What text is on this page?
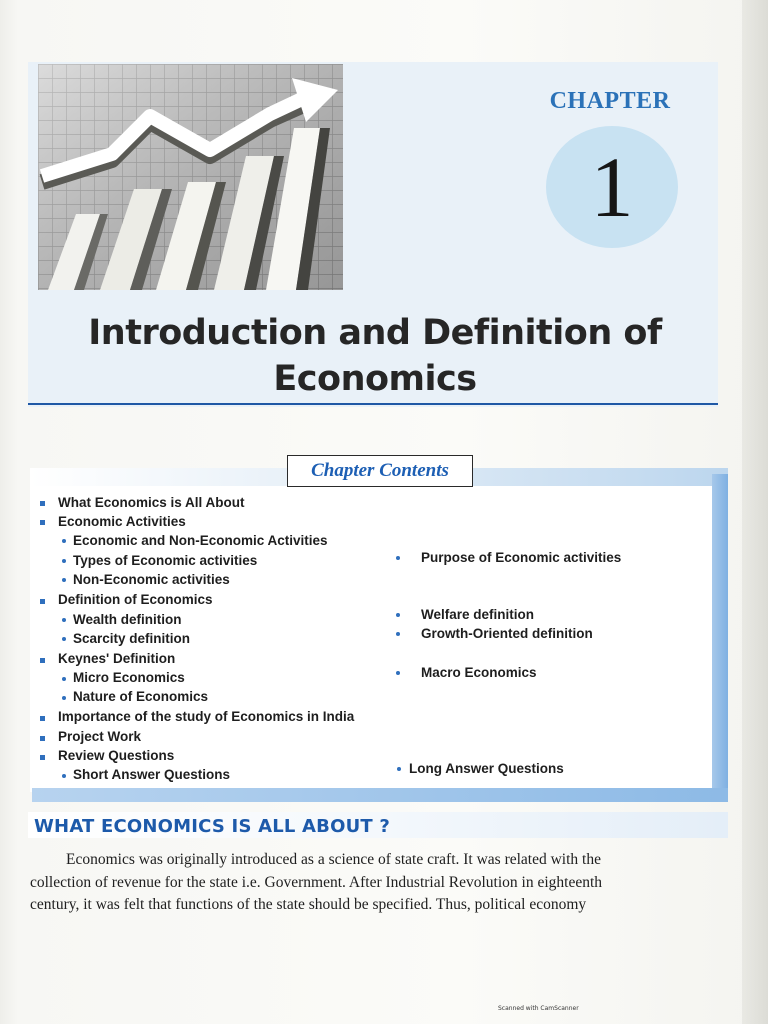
CHAPTER
1
Introduction and Definition of
Economics
Chapter Contents
What Economics is All About
Economic Activities
Economic and Non-Economic Activities
Types of Economic activities
Non-Economic activities
Definition of Economics
Wealth definition
Scarcity definition
Keynes' Definition
Micro Economics
Nature of Economics
Importance of the study of Economics in India
Project Work
Review Questions
Short Answer Questions
Purpose of Economic activities
Welfare definition
Growth-Oriented definition
Macro Economics
Long Answer Questions
WHAT ECONOMICS IS ALL ABOUT ?
Economics was originally introduced as a science of state craft. It was related with the
collection of revenue for the state i.e. Government. After Industrial Revolution in eighteenth
century, it was felt that functions of the state should be specified. Thus, political economy
Scanned with CamScanner
